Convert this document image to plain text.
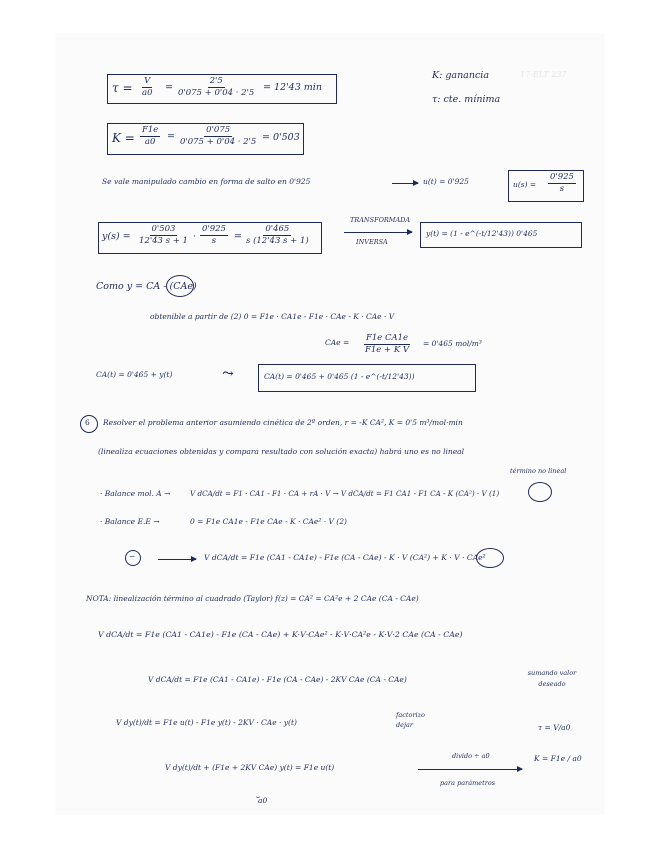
17-ELT 237
$\tau = \frac{V}{a0} = \frac{2'5}{0'075 + 0'04 \cdot 2'5} = 12'43$ min
K: ganancia
τ: cte. mínima
$K = \frac{F1e}{a0} = \frac{0'075}{0'075 + 0'04 \cdot 2'5} = 0'503$
Se vale manipulado cambio en forma de salto en 0'925	u(t) = 0'925	$u(s) = \frac{0'925}{s}$
$y(s) = \frac{0'503}{12'43 s + 1} \cdot \frac{0'925}{s} = \frac{0'465}{s (12'43 s + 1)}$
TRANSFORMADA
INVERSA
y(t) = (1 - e^(-t/12'43)) 0'465
Como y = CA - (CAe)
obtenible a partir de (2) 0 = F1e · CA1e - F1e · CAe - K · CAe · V
CAe = $\frac{\text{F1e CA1e}}{\text{F1e + K V}} = 0'465$ mol/m³
CA(t) = 0'465 + y(t)	⤳	CA(t) = 0'465 + 0'465 (1 - e^(-t/12'43))
6 Resolver el problema anterior asumiendo cinética de 2º orden, r = -K CA², K = 0'5 m³/mol·min
(linealiza ecuaciones obtenidas y compara resultado con solución exacta) habrá uno es no lineal
término no lineal
· Balance mol. A →	V dCA/dt = F1 · CA1 - F1 · CA + rA · V → V dCA/dt = F1 CA1 - F1 CA - K (CA²) · V (1)
· Balance E.E →	0 = F1e CA1e - F1e CAe - K · CAe² · V (2)
−	V dCA/dt = F1e (CA1 - CA1e) - F1e (CA - CAe) - K · V (CA²) + K · V · CAe²
NOTA: linealización término al cuadrado (Taylor) f(z) = CA² = CA²e + 2 CAe (CA - CAe)
V dCA/dt = F1e (CA1 - CA1e) - F1e (CA - CAe) + K·V·CAe² - K·V·CA²e - K·V·2 CAe (CA - CAe)
V dCA/dt = F1e (CA1 - CA1e) - F1e (CA - CAe) - 2KV CAe (CA - CAe)
sumando valor deseado
V dy(t)/dt = F1e u(t) - F1e y(t) - 2KV · CAe · y(t)
factorizo dejar	τ = V/a0
V dy(t)/dt + (F1e + 2KV CAe) y(t) = F1e u(t)
⏟
a0
divido ÷ a0
para parámetros
K = F1e / a0
